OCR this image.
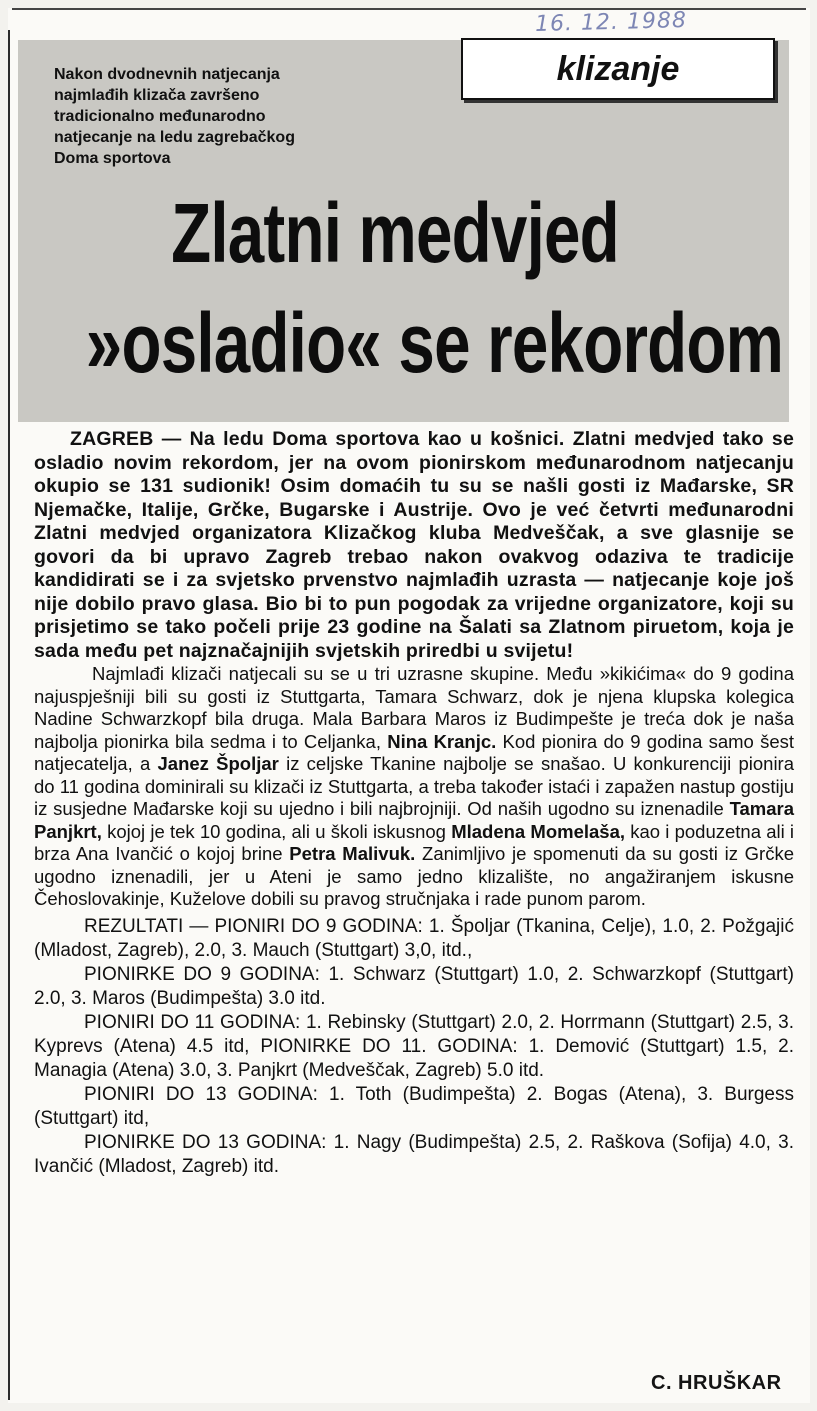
16. 12. 1988

Nakon dvodnevnih natjecanja

najmlađih klizača završeno

tradicionalno međunarodno

natjecanje na ledu zagrebačkog

Doma sportova

klizanje
Zlatni medvjed
»osladio« se rekordom

ZAGREB — Na ledu Doma sportova kao u košnici. Zlatni medvjed tako se osladio novim rekordom, jer na ovom pionirskom međunarodnom natjecanju okupio se 131 sudionik! Osim domaćih tu su se našli gosti iz Mađarske, SR Njemačke, Italije, Grčke, Bugarske i Austrije. Ovo je već četvrti međunarodni Zlatni medvjed organizatora Klizačkog kluba Medveščak, a sve glasnije se govori da bi upravo Zagreb trebao nakon ovakvog odaziva te tradicije kandidirati se i za svjetsko prvenstvo najmlađih uzrasta — natjecanje koje još nije dobilo pravo glasa. Bio bi to pun pogodak za vrijedne organizatore, koji su prisjetimo se tako počeli prije 23 godine na Šalati sa Zlatnom piruetom, koja je sada među pet najznačajnijih svjetskih priredbi u svijetu!

Najmlađi klizači natjecali su se u tri uzrasne skupine. Među »kikićima« do 9 godina najuspješniji bili su gosti iz Stuttgarta, Tamara Schwarz, dok je njena klupska kolegica Nadine Schwarzkopf bila druga. Mala Barbara Maros iz Budimpešte je treća dok je naša najbolja pionirka bila sedma i to Celjanka, Nina Kranjc. Kod pionira do 9 godina samo šest natjecatelja, a Janez Špoljar iz celjske Tkanine najbolje se snašao. U konkurenciji pionira do 11 godina dominirali su klizači iz Stuttgarta, a treba također istaći i zapažen nastup gostiju iz susjedne Mađarske koji su ujedno i bili najbrojniji. Od naših ugodno su iznenadile Tamara Panjkrt, kojoj je tek 10 godina, ali u školi iskusnog Mladena Momelaša, kao i poduzetna ali i brza Ana Ivančić o kojoj brine Petra Malivuk. Zanimljivo je spomenuti da su gosti iz Grčke ugodno iznenadili, jer u Ateni je samo jedno klizalište, no angažiranjem iskusne Čehoslovakinje, Kuželove dobili su pravog stručnjaka i rade punom parom.

REZULTATI — PIONIRI DO 9 GODINA: 1. Špoljar (Tkanina, Celje), 1.0, 2. Požgajić (Mladost, Zagreb), 2.0, 3. Mauch (Stuttgart) 3,0, itd.,

PIONIRKE DO 9 GODINA: 1. Schwarz (Stuttgart) 1.0, 2. Schwarzkopf (Stuttgart) 2.0, 3. Maros (Budimpešta) 3.0 itd.

PIONIRI DO 11 GODINA: 1. Rebinsky (Stuttgart) 2.0, 2. Horrmann (Stuttgart) 2.5, 3. Kyprevs (Atena) 4.5 itd, PIONIRKE DO 11. GODINA: 1. Demović (Stuttgart) 1.5, 2. Managia (Atena) 3.0, 3. Panjkrt (Medveščak, Zagreb) 5.0 itd.

PIONIRI DO 13 GODINA: 1. Toth (Budimpešta) 2. Bogas (Atena), 3. Burgess (Stuttgart) itd,

PIONIRKE DO 13 GODINA: 1. Nagy (Budimpešta) 2.5, 2. Raškova (Sofija) 4.0, 3. Ivančić (Mladost, Zagreb) itd.

C. HRUŠKAR
